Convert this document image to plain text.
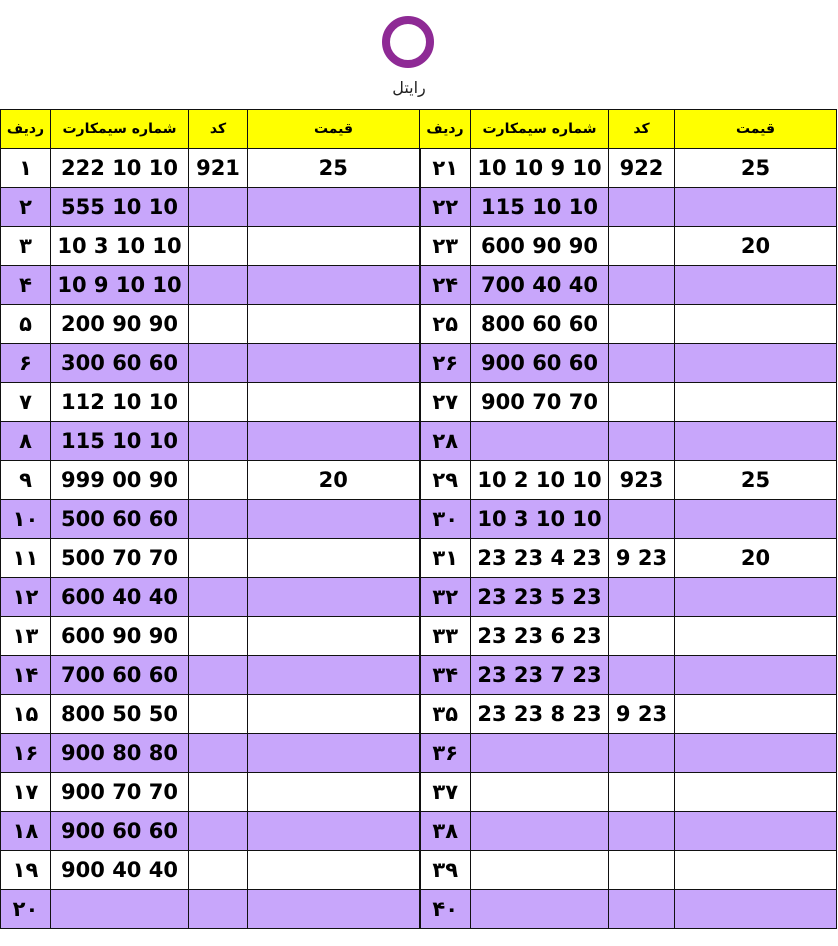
رایتل
ردیف	شماره سیمکارت	کد	قیمت	ردیف	شماره سیمکارت	کد	قیمت
۱	222 10 10	921	25	۲۱	10 10 9 10	922	25
۲	555 10 10			۲۲	115 10 10		
۳	10 3 10 10			۲۳	600 90 90		20
۴	10 9 10 10			۲۴	700 40 40		
۵	200 90 90			۲۵	800 60 60		
۶	300 60 60			۲۶	900 60 60		
۷	112 10 10			۲۷	900 70 70		
۸	115 10 10			۲۸			
۹	999 00 90		20	۲۹	10 2 10 10	923	25
۱۰	500 60 60			۳۰	10 3 10 10		
۱۱	500 70 70			۳۱	23 23 4 23	9 23	20
۱۲	600 40 40			۳۲	23 23 5 23		
۱۳	600 90 90			۳۳	23 23 6 23		
۱۴	700 60 60			۳۴	23 23 7 23		
۱۵	800 50 50			۳۵	23 23 8 23	9 23	
۱۶	900 80 80			۳۶			
۱۷	900 70 70			۳۷			
۱۸	900 60 60			۳۸			
۱۹	900 40 40			۳۹			
۲۰				۴۰			
